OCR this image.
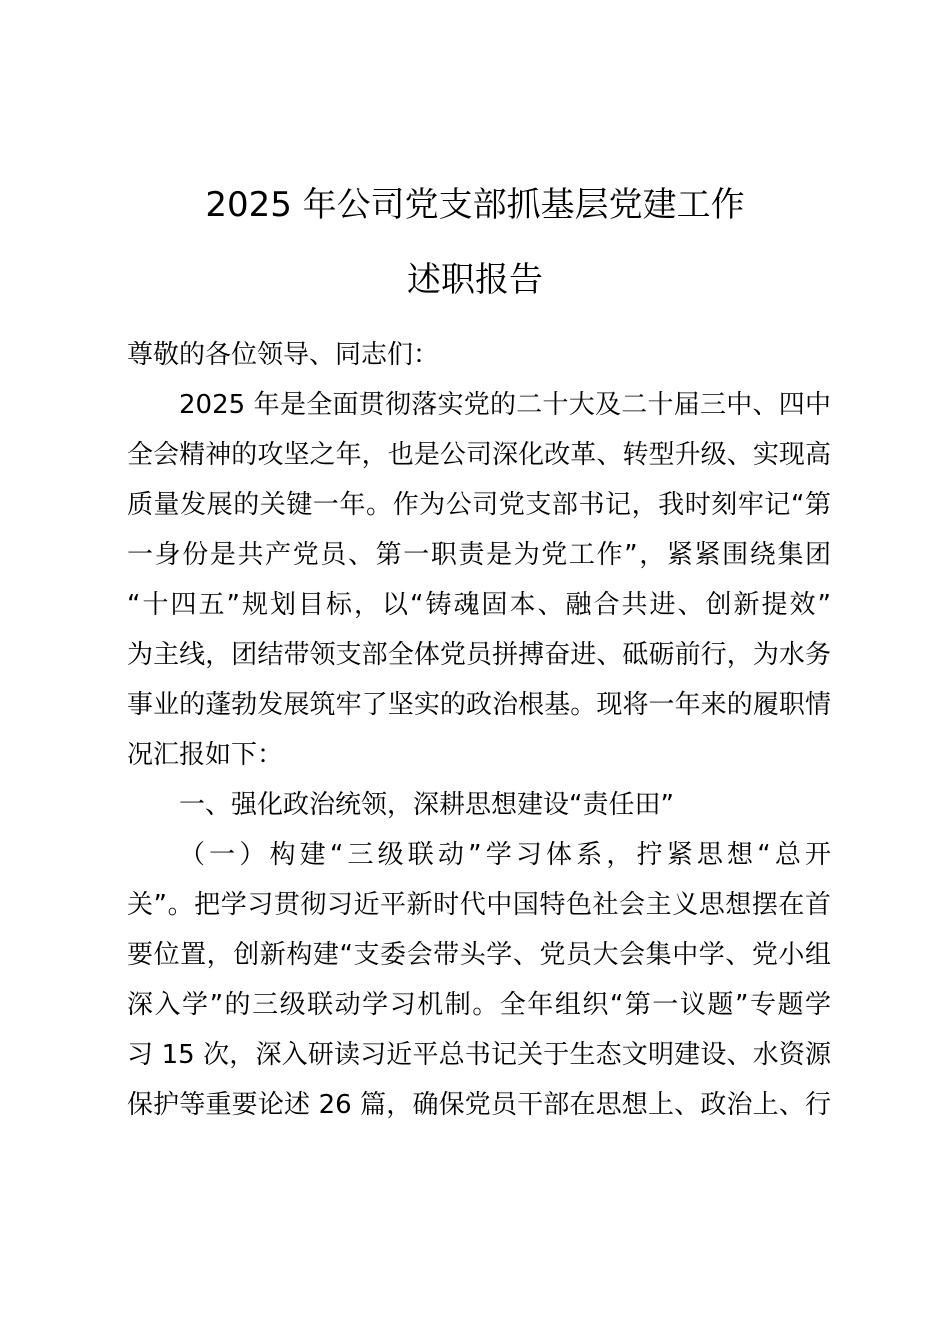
2025 年公司党支部抓基层党建工作
述职报告
尊敬的各位领导、同志们：
2025 年是全面贯彻落实党的二十大及二十届三中、四中
全会精神的攻坚之年，也是公司深化改革、转型升级、实现高
质量发展的关键一年。作为公司党支部书记，我时刻牢记“第
一身份是共产党员、第一职责是为党工作”，紧紧围绕集团
“十四五”规划目标，以“铸魂固本、融合共进、创新提效”
为主线，团结带领支部全体党员拼搏奋进、砥砺前行，为水务
事业的蓬勃发展筑牢了坚实的政治根基。现将一年来的履职情
况汇报如下：
一、强化政治统领，深耕思想建设“责任田”
（一）构建“三级联动”学习体系，拧紧思想“总开
关”。把学习贯彻习近平新时代中国特色社会主义思想摆在首
要位置，创新构建“支委会带头学、党员大会集中学、党小组
深入学”的三级联动学习机制。全年组织“第一议题”专题学
习 15 次，深入研读习近平总书记关于生态文明建设、水资源
保护等重要论述 26 篇，确保党员干部在思想上、政治上、行
